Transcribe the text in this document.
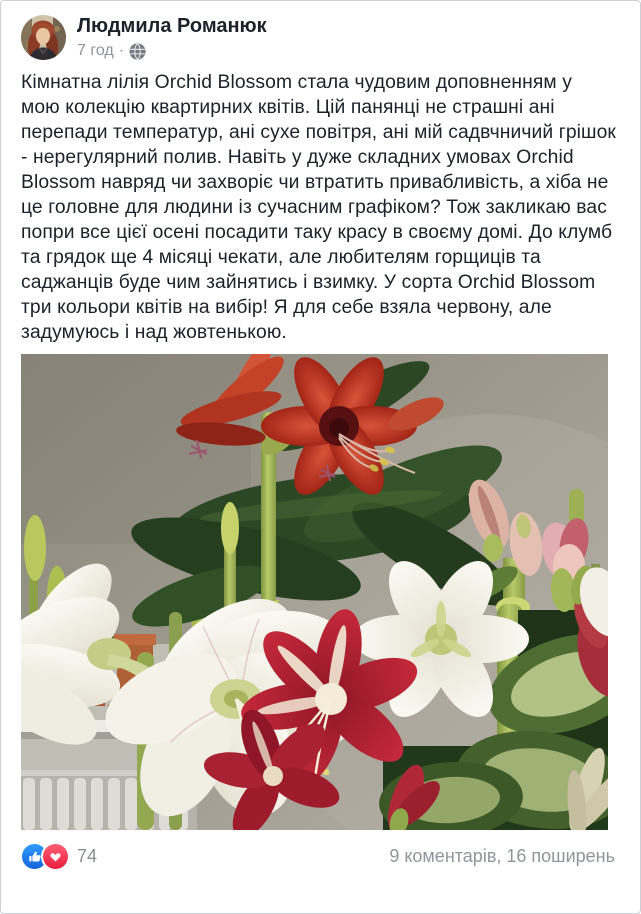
Людмила Романюк
7 год ·
Кімнатна лілія Orchid Blossom стала чудовим доповненням у мою колекцію квартирних квітів. Цій панянці не страшні ані перепади температур, ані сухе повітря, ані мій садвчничий грішок - нерегулярний полив. Навіть у дуже складних умовах Orchid Blossom навряд чи захворіє чи втратить привабливість, а хіба не це головне для людини із сучасним графіком? Тож закликаю вас попри все цієї осені посадити таку красу в своєму домі. До клумб та грядок ще 4 місяці чекати, але любителям горщиців та саджанців буде чим зайнятись і взимку. У сорта Orchid Blossom три кольори квітів на вибір! Я для себе взяла червону, але задумуюсь і над жовтенькою.
74	9 коментарів, 16 поширень
